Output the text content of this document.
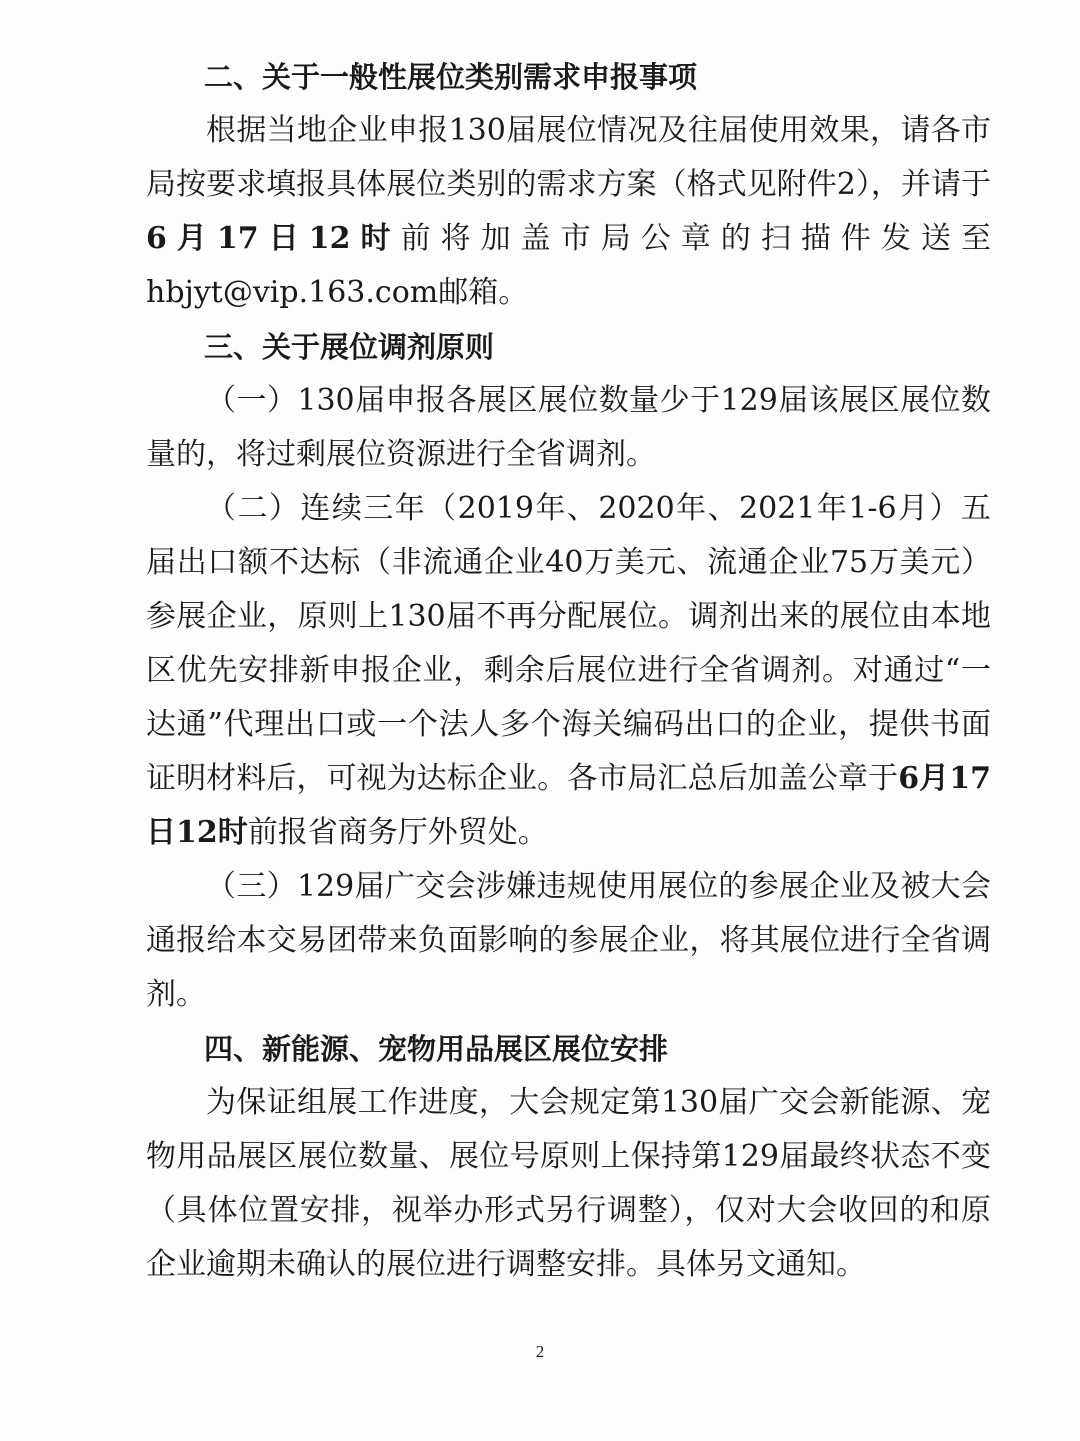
二、关于一般性展位类别需求申报事项

根据当地企业申报130届展位情况及往届使用效果，请各市局按要求填报具体展位类别的需求方案（格式见附件2），并请于6月17日12时前将加盖市局公章的扫描件发送至hbjyt@vip.163.com邮箱。

三、关于展位调剂原则

（一）130届申报各展区展位数量少于129届该展区展位数量的，将过剩展位资源进行全省调剂。

（二）连续三年（2019年、2020年、2021年1-6月）五届出口额不达标（非流通企业40万美元、流通企业75万美元）参展企业，原则上130届不再分配展位。调剂出来的展位由本地区优先安排新申报企业，剩余后展位进行全省调剂。对通过“一达通”代理出口或一个法人多个海关编码出口的企业，提供书面证明材料后，可视为达标企业。各市局汇总后加盖公章于6月17日12时前报省商务厅外贸处。

（三）129届广交会涉嫌违规使用展位的参展企业及被大会通报给本交易团带来负面影响的参展企业，将其展位进行全省调剂。

四、新能源、宠物用品展区展位安排

为保证组展工作进度，大会规定第130届广交会新能源、宠物用品展区展位数量、展位号原则上保持第129届最终状态不变（具体位置安排，视举办形式另行调整），仅对大会收回的和原企业逾期未确认的展位进行调整安排。具体另文通知。

2
